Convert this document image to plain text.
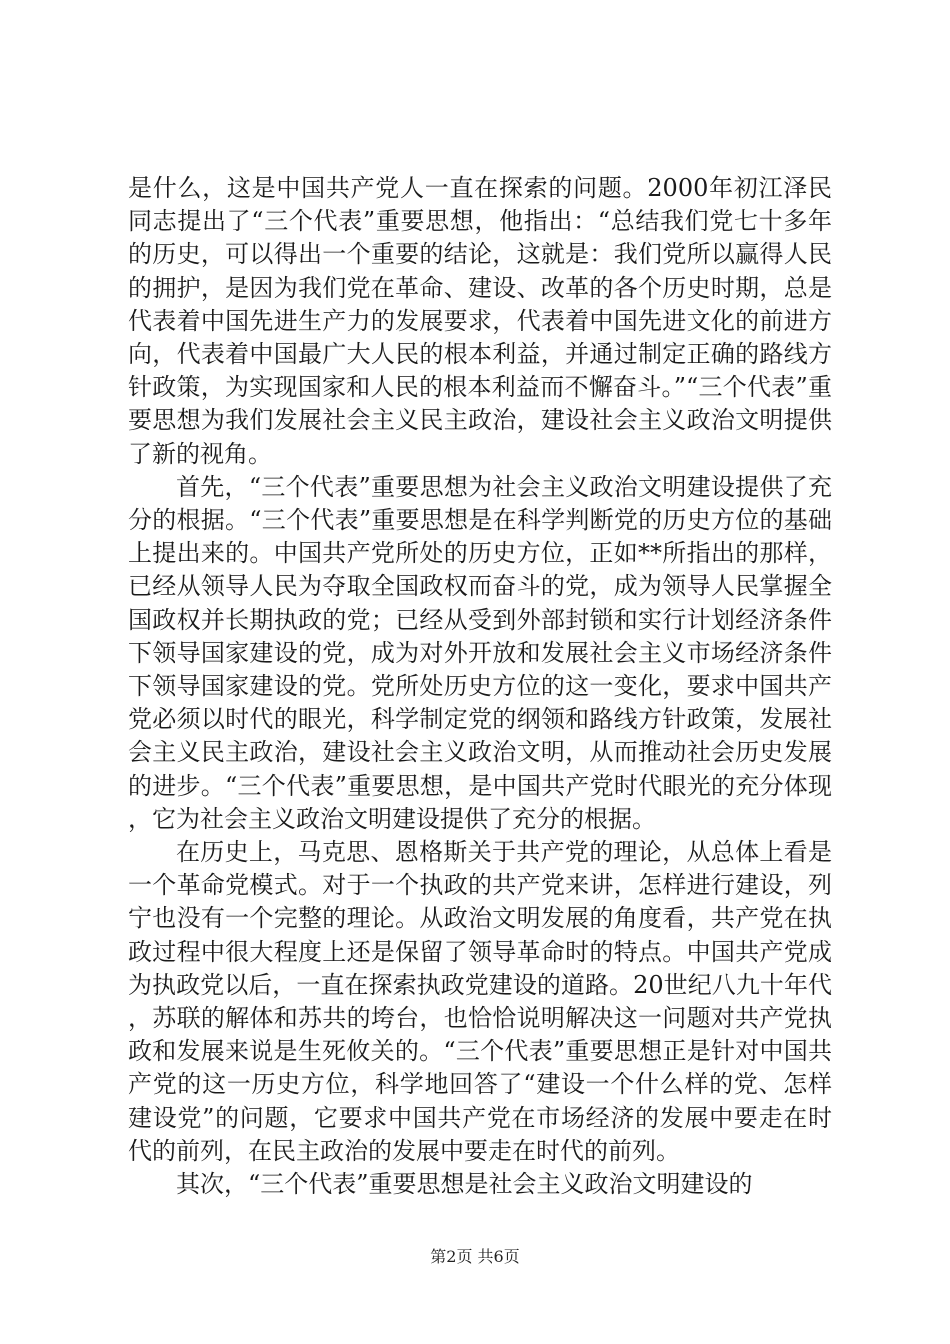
是什么，这是中国共产党人一直在探索的问题。2000年初江泽民同志提出了“三个代表”重要思想，他指出：“总结我们党七十多年的历史，可以得出一个重要的结论，这就是：我们党所以赢得人民的拥护，是因为我们党在革命、建设、改革的各个历史时期，总是代表着中国先进生产力的发展要求，代表着中国先进文化的前进方向，代表着中国最广大人民的根本利益，并通过制定正确的路线方针政策，为实现国家和人民的根本利益而不懈奋斗。”“三个代表”重要思想为我们发展社会主义民主政治，建设社会主义政治文明提供了新的视角。

首先，“三个代表”重要思想为社会主义政治文明建设提供了充分的根据。“三个代表”重要思想是在科学判断党的历史方位的基础上提出来的。中国共产党所处的历史方位，正如**所指出的那样，已经从领导人民为夺取全国政权而奋斗的党，成为领导人民掌握全国政权并长期执政的党；已经从受到外部封锁和实行计划经济条件下领导国家建设的党，成为对外开放和发展社会主义市场经济条件下领导国家建设的党。党所处历史方位的这一变化，要求中国共产党必须以时代的眼光，科学制定党的纲领和路线方针政策，发展社会主义民主政治，建设社会主义政治文明，从而推动社会历史发展的进步。“三个代表”重要思想，是中国共产党时代眼光的充分体现，它为社会主义政治文明建设提供了充分的根据。

在历史上，马克思、恩格斯关于共产党的理论，从总体上看是一个革命党模式。对于一个执政的共产党来讲，怎样进行建设，列宁也没有一个完整的理论。从政治文明发展的角度看，共产党在执政过程中很大程度上还是保留了领导革命时的特点。中国共产党成为执政党以后，一直在探索执政党建设的道路。20世纪八九十年代，苏联的解体和苏共的垮台，也恰恰说明解决这一问题对共产党执政和发展来说是生死攸关的。“三个代表”重要思想正是针对中国共产党的这一历史方位，科学地回答了“建设一个什么样的党、怎样建设党”的问题，它要求中国共产党在市场经济的发展中要走在时代的前列，在民主政治的发展中要走在时代的前列。

其次，“三个代表”重要思想是社会主义政治文明建设的

第2页 共6页
